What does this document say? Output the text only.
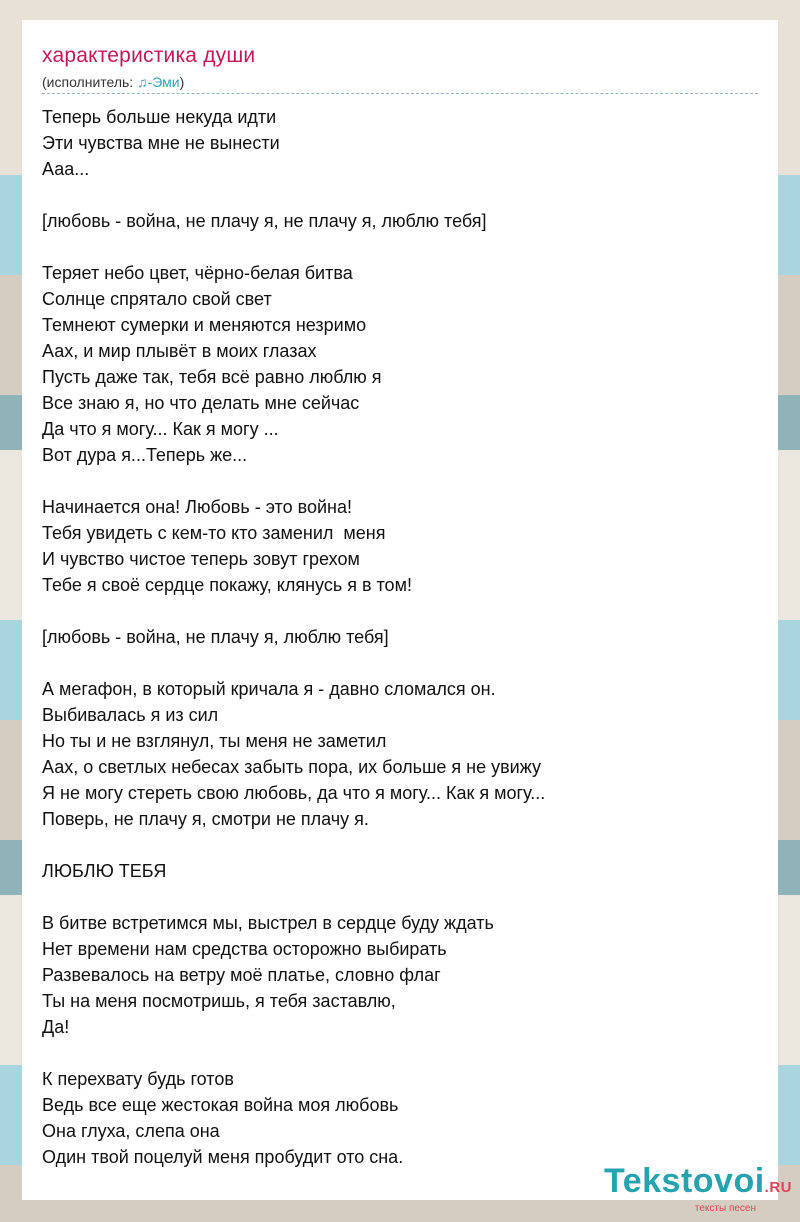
характеристика души
(исполнитель: ♫-Эми)
Теперь больше некуда идти
Эти чувства мне не вынести
Ааа...
[любовь - война, не плачу я, не плачу я, люблю тебя]
Теряет небо цвет, чёрно-белая битва
Солнце спрятало свой свет
Темнеют сумерки и меняются незримо
Аах, и мир плывёт в моих глазах
Пусть даже так, тебя всё равно люблю я
Все знаю я, но что делать мне сейчас
Да что я могу... Как я могу ...
Вот дура я...Теперь же...
Начинается она! Любовь - это война!
Тебя увидеть с кем-то кто заменил  меня
И чувство чистое теперь зовут грехом
Тебе я своё сердце покажу, клянусь я в том!
[любовь - война, не плачу я, люблю тебя]
А мегафон, в который кричала я - давно сломался он.
Выбивалась я из сил
Но ты и не взглянул, ты меня не заметил
Аах, о светлых небесах забыть пора, их больше я не увижу
Я не могу стереть свою любовь, да что я могу... Как я могу...
Поверь, не плачу я, смотри не плачу я.
ЛЮБЛЮ ТЕБЯ
В битве встретимся мы, выстрел в сердце буду ждать
Нет времени нам средства осторожно выбирать
Развевалось на ветру моё платье, словно флаг
Ты на меня посмотришь, я тебя заставлю,
Да!
К перехвату будь готов
Ведь все еще жестокая война моя любовь
Она глуха, слепа она
Один твой поцелуй меня пробудит ото сна.
Tekstovoi.RU
тексты песен
